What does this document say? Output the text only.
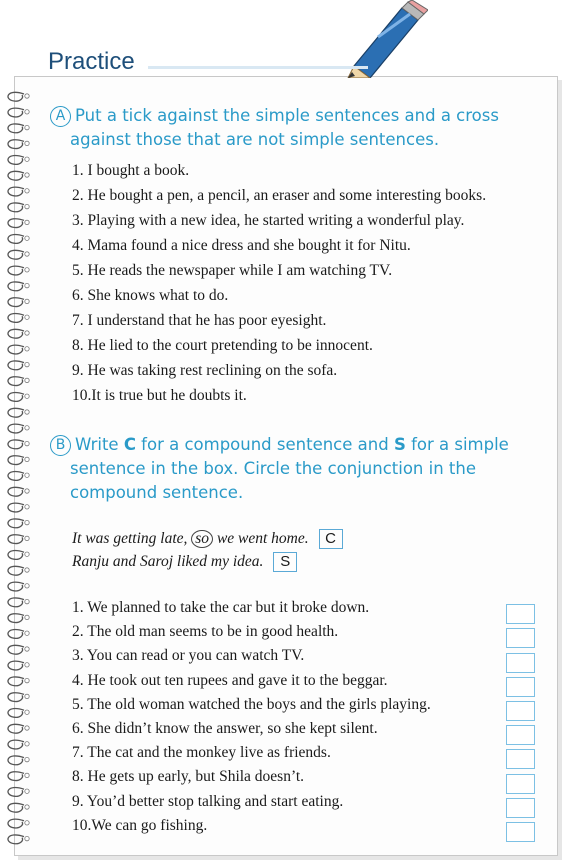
Practice
A Put a tick against the simple sentences and a cross
against those that are not simple sentences.
1. I bought a book.
2. He bought a pen, a pencil, an eraser and some interesting books.
3. Playing with a new idea, he started writing a wonderful play.
4. Mama found a nice dress and she bought it for Nitu.
5. He reads the newspaper while I am watching TV.
6. She knows what to do.
7. I understand that he has poor eyesight.
8. He lied to the court pretending to be innocent.
9. He was taking rest reclining on the sofa.
10.It is true but he doubts it.
B Write C for a compound sentence and S for a simple
sentence in the box. Circle the conjunction in the
compound sentence.
It was getting late, so we went home. C
Ranju and Saroj liked my idea. S
1. We planned to take the car but it broke down.
2. The old man seems to be in good health.
3. You can read or you can watch TV.
4. He took out ten rupees and gave it to the beggar.
5. The old woman watched the boys and the girls playing.
6. She didn’t know the answer, so she kept silent.
7. The cat and the monkey live as friends.
8. He gets up early, but Shila doesn’t.
9. You’d better stop talking and start eating.
10.We can go fishing.
